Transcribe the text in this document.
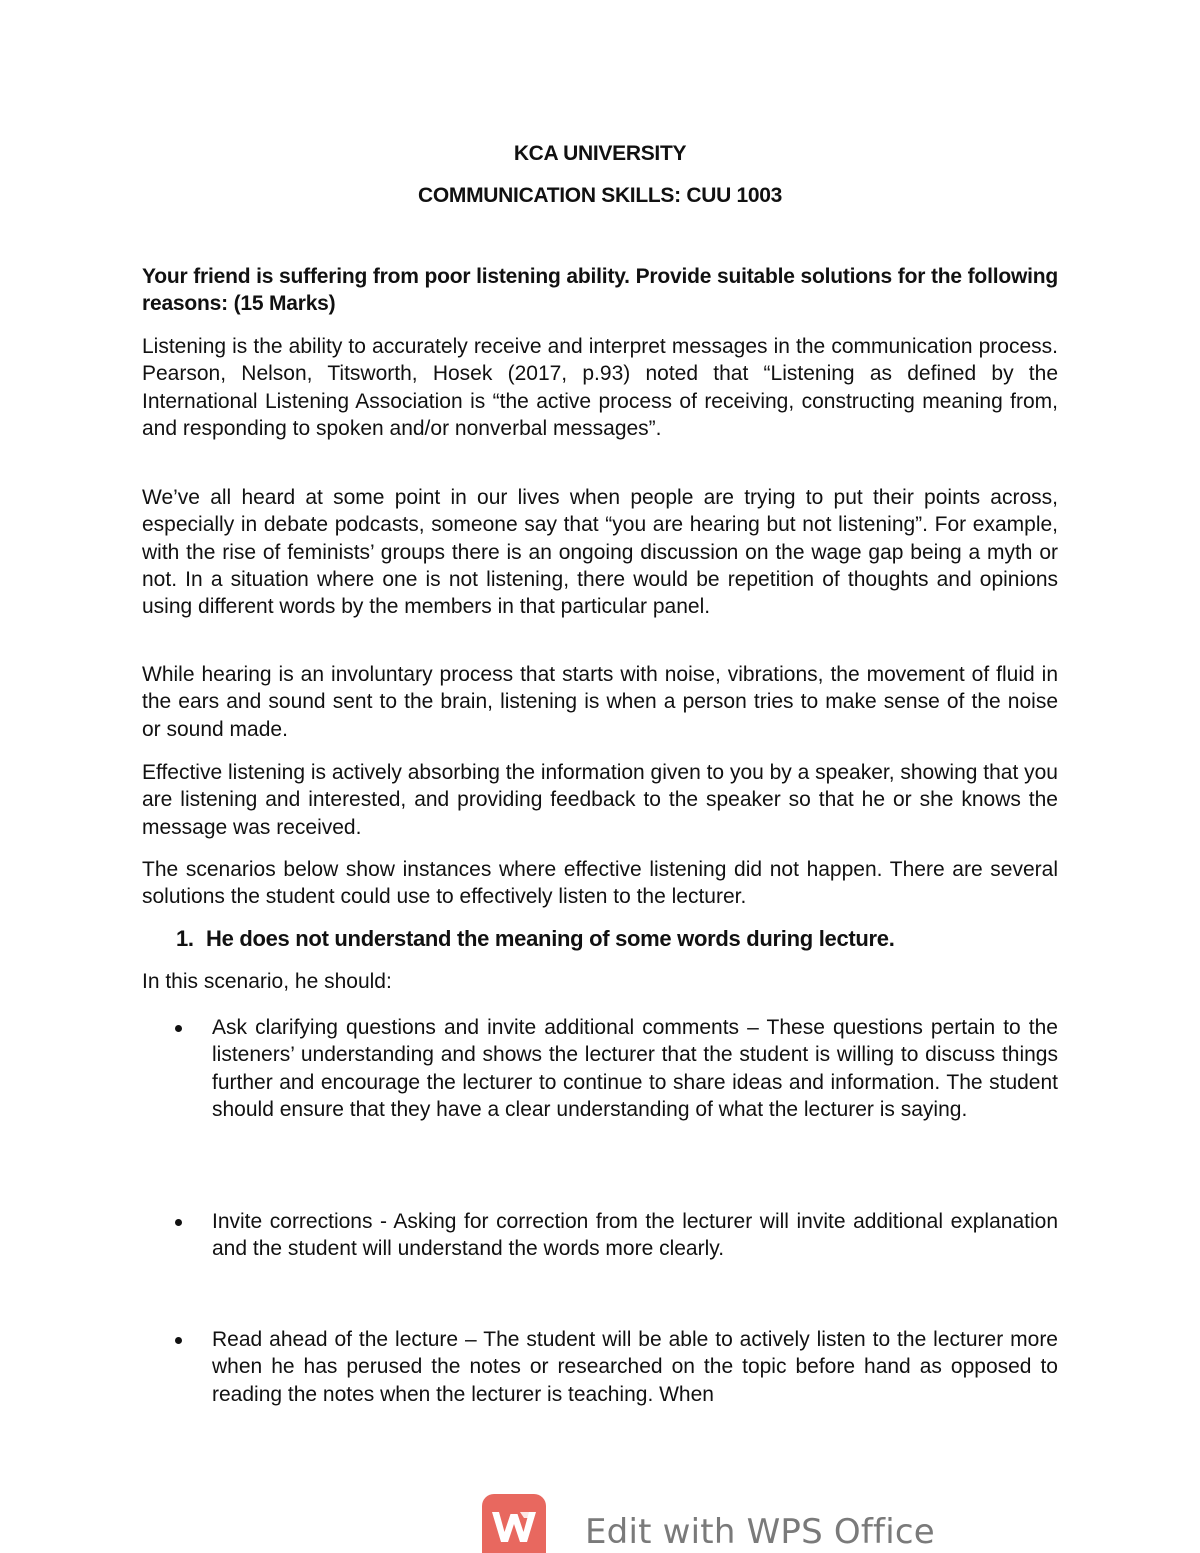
KCA UNIVERSITY
COMMUNICATION SKILLS: CUU 1003
Your friend is suffering from poor listening ability. Provide suitable solutions for the following reasons: (15 Marks)

Listening is the ability to accurately receive and interpret messages in the communication process. Pearson, Nelson, Titsworth, Hosek (2017, p.93) noted that “Listening as defined by the International Listening Association is “the active process of receiving, constructing meaning from, and responding to spoken and/or nonverbal messages”.

We’ve all heard at some point in our lives when people are trying to put their points across, especially in debate podcasts, someone say that “you are hearing but not listening”. For example, with the rise of feminists’ groups there is an ongoing discussion on the wage gap being a myth or not. In a situation where one is not listening, there would be repetition of thoughts and opinions using different words by the members in that particular panel.

While hearing is an involuntary process that starts with noise, vibrations, the movement of fluid in the ears and sound sent to the brain, listening is when a person tries to make sense of the noise or sound made.

Effective listening is actively absorbing the information given to you by a speaker, showing that you are listening and interested, and providing feedback to the speaker so that he or she knows the message was received.

The scenarios below show instances where effective listening did not happen. There are several solutions the student could use to effectively listen to the lecturer.

1. He does not understand the meaning of some words during lecture.
In this scenario, he should:
Ask clarifying questions and invite additional comments – These questions pertain to the listeners’ understanding and shows the lecturer that the student is willing to discuss things further and encourage the lecturer to continue to share ideas and information. The student should ensure that they have a clear understanding of what the lecturer is saying.
Invite corrections - Asking for correction from the lecturer will invite additional explanation and the student will understand the words more clearly.
Read ahead of the lecture – The student will be able to actively listen to the lecturer more when he has perused the notes or researched on the topic before hand as opposed to reading the notes when the lecturer is teaching. When
Edit with WPS Office
